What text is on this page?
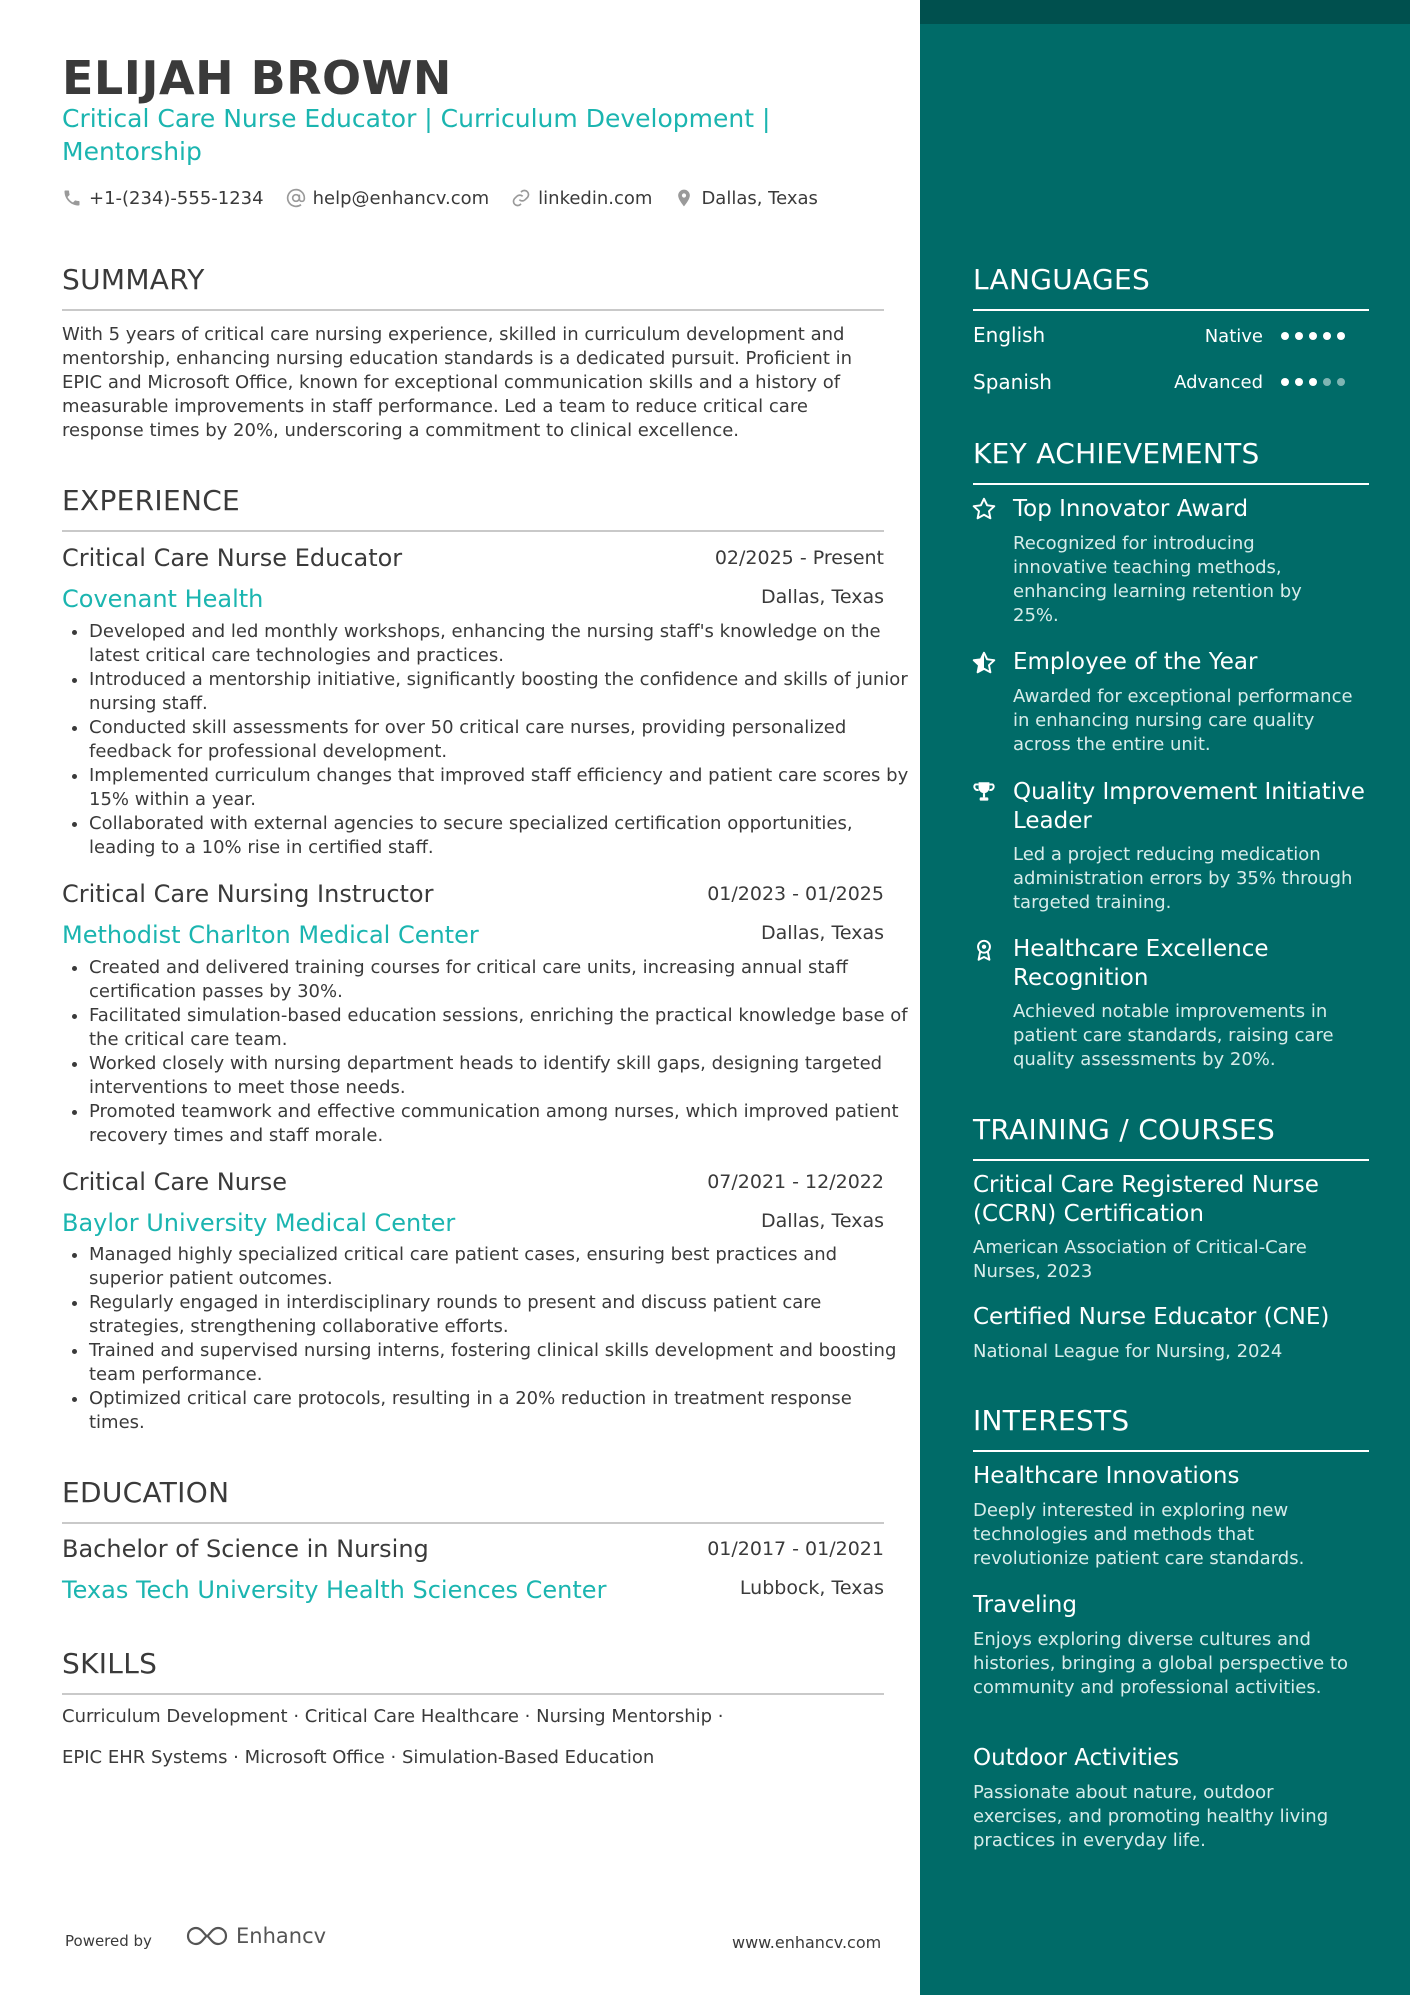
ELIJAH BROWN
Critical Care Nurse Educator | Curriculum Development |
Mentorship
+1-(234)-555-1234	help@enhancv.com	linkedin.com	Dallas, Texas
SUMMARY
With 5 years of critical care nursing experience, skilled in curriculum development and mentorship, enhancing nursing education standards is a dedicated pursuit. Proficient in EPIC and Microsoft Office, known for exceptional communication skills and a history of measurable improvements in staff performance. Led a team to reduce critical care response times by 20%, underscoring a commitment to clinical excellence.
EXPERIENCE
Critical Care Nurse Educator	02/2025 - Present
Covenant Health	Dallas, Texas
• Developed and led monthly workshops, enhancing the nursing staff's knowledge on the latest critical care technologies and practices.
• Introduced a mentorship initiative, significantly boosting the confidence and skills of junior nursing staff.
• Conducted skill assessments for over 50 critical care nurses, providing personalized feedback for professional development.
• Implemented curriculum changes that improved staff efficiency and patient care scores by 15% within a year.
• Collaborated with external agencies to secure specialized certification opportunities, leading to a 10% rise in certified staff.
Critical Care Nursing Instructor	01/2023 - 01/2025
Methodist Charlton Medical Center	Dallas, Texas
• Created and delivered training courses for critical care units, increasing annual staff certification passes by 30%.
• Facilitated simulation-based education sessions, enriching the practical knowledge base of the critical care team.
• Worked closely with nursing department heads to identify skill gaps, designing targeted interventions to meet those needs.
• Promoted teamwork and effective communication among nurses, which improved patient recovery times and staff morale.
Critical Care Nurse	07/2021 - 12/2022
Baylor University Medical Center	Dallas, Texas
• Managed highly specialized critical care patient cases, ensuring best practices and superior patient outcomes.
• Regularly engaged in interdisciplinary rounds to present and discuss patient care strategies, strengthening collaborative efforts.
• Trained and supervised nursing interns, fostering clinical skills development and boosting team performance.
• Optimized critical care protocols, resulting in a 20% reduction in treatment response times.
EDUCATION
Bachelor of Science in Nursing	01/2017 - 01/2021
Texas Tech University Health Sciences Center	Lubbock, Texas
SKILLS
Curriculum Development · Critical Care Healthcare · Nursing Mentorship ·
EPIC EHR Systems · Microsoft Office · Simulation-Based Education
Powered by	Enhancv	www.enhancv.com
LANGUAGES
English	Native
Spanish	Advanced
KEY ACHIEVEMENTS
Top Innovator Award
Recognized for introducing innovative teaching methods, enhancing learning retention by 25%.
Employee of the Year
Awarded for exceptional performance in enhancing nursing care quality across the entire unit.
Quality Improvement Initiative
Leader
Led a project reducing medication administration errors by 35% through targeted training.
Healthcare Excellence
Recognition
Achieved notable improvements in patient care standards, raising care quality assessments by 20%.
TRAINING / COURSES
Critical Care Registered Nurse
(CCRN) Certification
American Association of Critical-Care Nurses, 2023
Certified Nurse Educator (CNE)
National League for Nursing, 2024
INTERESTS
Healthcare Innovations
Deeply interested in exploring new technologies and methods that revolutionize patient care standards.
Traveling
Enjoys exploring diverse cultures and histories, bringing a global perspective to community and professional activities.
Outdoor Activities
Passionate about nature, outdoor exercises, and promoting healthy living practices in everyday life.
